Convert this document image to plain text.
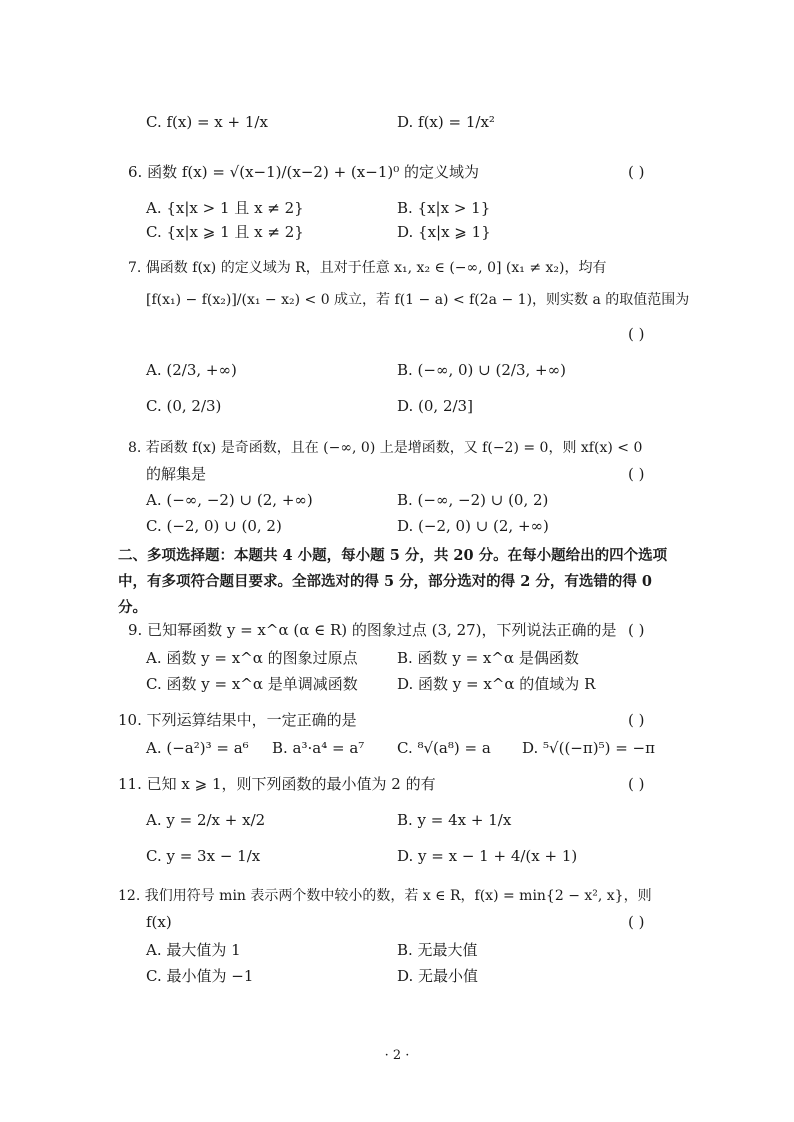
C. f(x) = x + 1/x	D. f(x) = 1/x²
6. 函数 f(x) = √(x−1)/(x−2) + (x−1)⁰ 的定义域为	( )
A. {x|x > 1 且 x ≠ 2}	B. {x|x > 1}
C. {x|x ⩾ 1 且 x ≠ 2}	D. {x|x ⩾ 1}
7. 偶函数 f(x) 的定义域为 R，且对于任意 x₁, x₂ ∈ (−∞, 0] (x₁ ≠ x₂)，均有
[f(x₁) − f(x₂)]/(x₁ − x₂) < 0 成立，若 f(1 − a) < f(2a − 1)，则实数 a 的取值范围为
( )
A. (2/3, +∞)	B. (−∞, 0) ∪ (2/3, +∞)
C. (0, 2/3)	D. (0, 2/3]
8. 若函数 f(x) 是奇函数，且在 (−∞, 0) 上是增函数，又 f(−2) = 0，则 xf(x) < 0
的解集是	( )
A. (−∞, −2) ∪ (2, +∞)	B. (−∞, −2) ∪ (0, 2)
C. (−2, 0) ∪ (0, 2)	D. (−2, 0) ∪ (2, +∞)
二、多项选择题：本题共 4 小题，每小题 5 分，共 20 分。在每小题给出的四个选项
中，有多项符合题目要求。全部选对的得 5 分，部分选对的得 2 分，有选错的得 0
分。
9. 已知幂函数 y = x^α (α ∈ R) 的图象过点 (3, 27)，下列说法正确的是 ( )
A. 函数 y = x^α 的图象过原点	B. 函数 y = x^α 是偶函数
C. 函数 y = x^α 是单调减函数	D. 函数 y = x^α 的值域为 R
10. 下列运算结果中，一定正确的是	( )
A. (−a²)³ = a⁶ B. a³·a⁴ = a⁷ C. ⁸√(a⁸) = a D. ⁵√((−π)⁵) = −π
11. 已知 x ⩾ 1，则下列函数的最小值为 2 的有	( )
A. y = 2/x + x/2	B. y = 4x + 1/x
C. y = 3x − 1/x	D. y = x − 1 + 4/(x + 1)
12. 我们用符号 min 表示两个数中较小的数，若 x ∈ R，f(x) = min{2 − x², x}，则
f(x)	( )
A. 最大值为 1	B. 无最大值
C. 最小值为 −1	D. 无最小值
· 2 ·
